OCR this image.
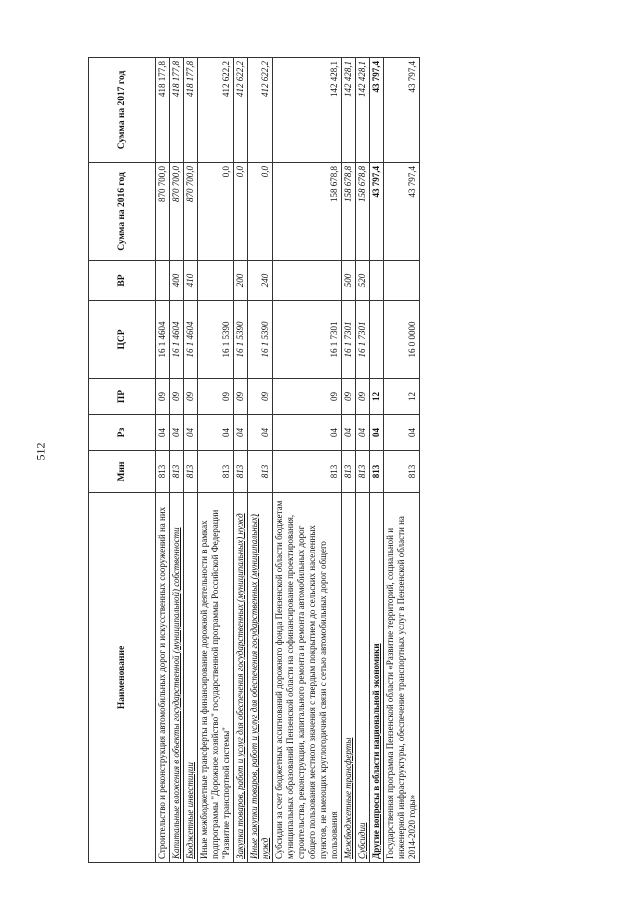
512
Наименование	Мин	Рз	ПР	ЦСР	ВР	Сумма на 2016 год	Сумма на 2017 год
Строительство и реконструкция автомобильных дорог и искусственных сооружений на них	813	04	09	16 1 4604		870 700,0	418 177,8
Капитальные вложения в объекты государственной (муниципальной) собственности	813	04	09	16 1 4604	400	870 700,0	418 177,8
Бюджетные инвестиции	813	04	09	16 1 4604	410	870 700,0	418 177,8
Иные межбюджетные трансферты на финансирование дорожной деятельности в рамках подпрограммы "Дорожное хозяйство" государственной программы Российской Федерации "Развитие транспортной системы"	813	04	09	16 1 5390		0,0	412 622,2
Закупка товаров, работ и услуг для обеспечения государственных (муниципальных) нужд	813	04	09	16 1 5390	200	0,0	412 622,2
Иные закупки товаров, работ и услуг для обеспечения государственных (муниципальных) нужд	813	04	09	16 1 5390	240	0,0	412 622,2
Субсидии за счет бюджетных ассигнований дорожного фонда Пензенской области бюджетам муниципальных образований Пензенской области на софинансирование проектирования, строительства, реконструкции, капитального ремонта и ремонта автомобильных дорог общего пользования местного значения с твердым покрытием до сельских населенных пунктов, не имеющих круглогодичной связи с сетью автомобильных дорог общего пользования	813	04	09	16 1 7301		158 678,8	142 428,1
Межбюджетные трансферты	813	04	09	16 1 7301	500	158 678,8	142 428,1
Субсидии	813	04	09	16 1 7301	520	158 678,8	142 428,1
Другие вопросы в области национальной экономики	813	04	12			43 797,4	43 797,4
Государственная программа Пензенской области «Развитие территорий, социальной и инженерной инфраструктуры, обеспечение транспортных услуг в Пензенской области на 2014-2020 годы»	813	04	12	16 0 0000		43 797,4	43 797,4
